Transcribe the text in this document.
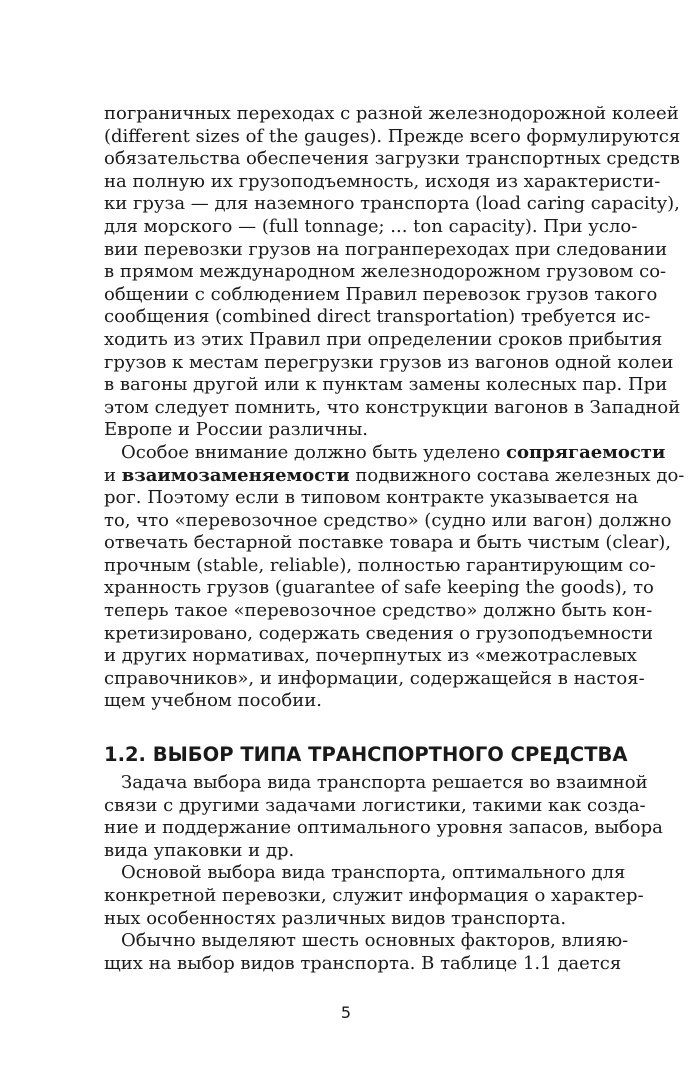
пограничных переходах с разной железнодорожной колеей
(different sizes of the gauges). Прежде всего формулируются
обязательства обеспечения загрузки транспортных средств
на полную их грузоподъемность, исходя из характеристи-
ки груза — для наземного транспорта (load caring capacity),
для морского — (full tonnage; ... ton capacity). При усло-
вии перевозки грузов на погранпереходах при следовании
в прямом международном железнодорожном грузовом со-
общении с соблюдением Правил перевозок грузов такого
сообщения (combined direct transportation) требуется ис-
ходить из этих Правил при определении сроков прибытия
грузов к местам перегрузки грузов из вагонов одной колеи
в вагоны другой или к пунктам замены колесных пар. При
этом следует помнить, что конструкции вагонов в Западной
Европе и России различны.
Особое внимание должно быть уделено сопрягаемости
и взаимозаменяемости подвижного состава железных до-
рог. Поэтому если в типовом контракте указывается на
то, что «перевозочное средство» (судно или вагон) должно
отвечать бестарной поставке товара и быть чистым (clear),
прочным (stable, reliable), полностью гарантирующим со-
хранность грузов (guarantee of safe keeping the goods), то
теперь такое «перевозочное средство» должно быть кон-
кретизировано, содержать сведения о грузоподъемности
и других нормативах, почерпнутых из «межотраслевых
справочников», и информации, содержащейся в настоя-
щем учебном пособии.
1.2. ВЫБОР ТИПА ТРАНСПОРТНОГО СРЕДСТВА
Задача выбора вида транспорта решается во взаимной
связи с другими задачами логистики, такими как созда-
ние и поддержание оптимального уровня запасов, выбора
вида упаковки и др.
Основой выбора вида транспорта, оптимального для
конкретной перевозки, служит информация о характер-
ных особенностях различных видов транспорта.
Обычно выделяют шесть основных факторов, влияю-
щих на выбор видов транспорта. В таблице 1.1 дается
5
